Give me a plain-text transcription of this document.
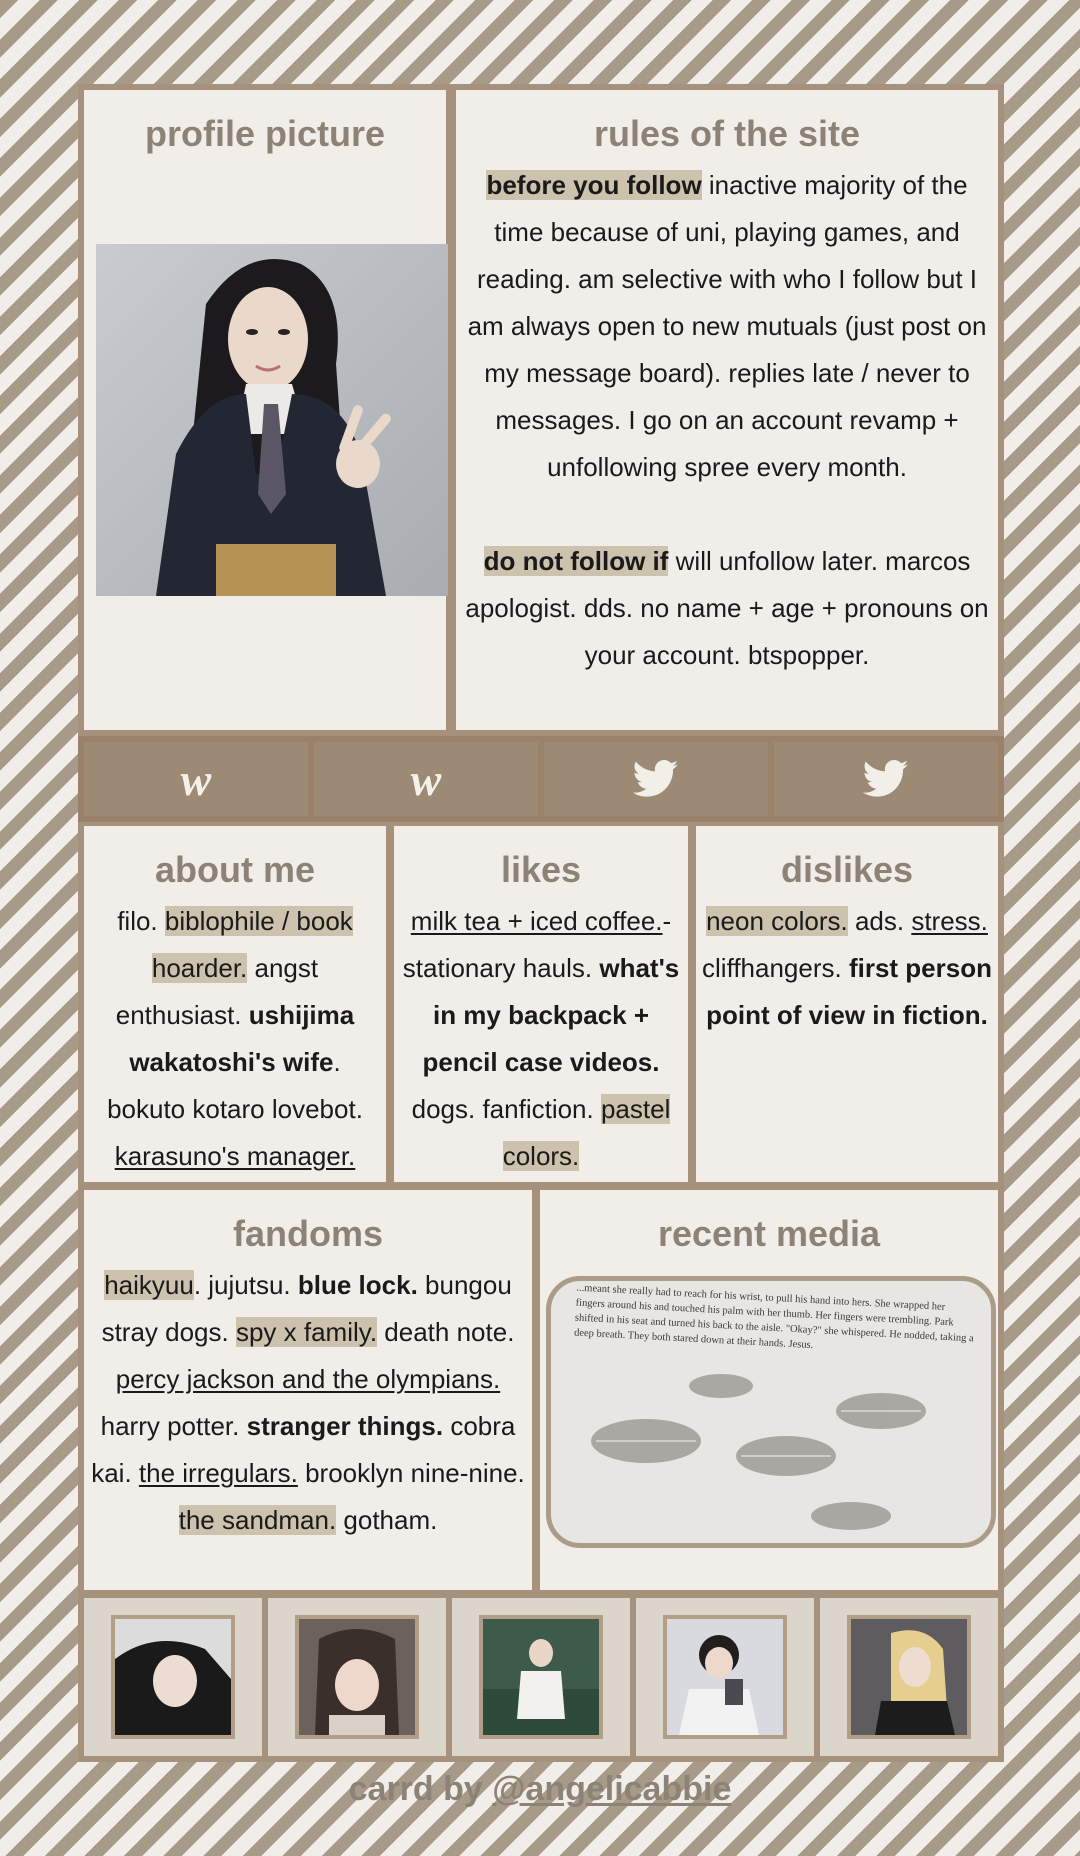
profile picture	rules of the site
before you follow inactive majority of the time because of uni, playing games, and reading. am selective with who I follow but I am always open to new mutuals (just post on my message board). replies late / never to messages. I go on an account revamp + unfollowing spree every month.

do not follow if will unfollow later. marcos apologist. dds. no name + age + pronouns on your account. btspopper.
w	w
about me
filo. biblophile / book hoarder. angst enthusiast. ushijima wakatoshi's wife. bokuto kotaro lovebot. karasuno's manager.
likes
milk tea + iced coffee.- stationary hauls. what's in my backpack + pencil case videos. dogs. fanfiction. pastel colors.
dislikes
neon colors. ads. stress. cliffhangers. first person point of view in fiction.
fandoms
haikyuu. jujutsu. blue lock. bungou stray dogs. spy x family. death note. percy jackson and the olympians. harry potter. stranger things. cobra kai. the irregulars. brooklyn nine-nine. the sandman. gotham.
recent media
...meant she really had to reach for his wrist, to pull his hand into hers. She wrapped her fingers around his and touched his palm with her thumb. Her fingers were trembling. Park shifted in his seat and turned his back to the aisle. "Okay?" she whispered. He nodded, taking a deep breath. They both stared down at their hands. Jesus.
carrd by @angelicabbie
